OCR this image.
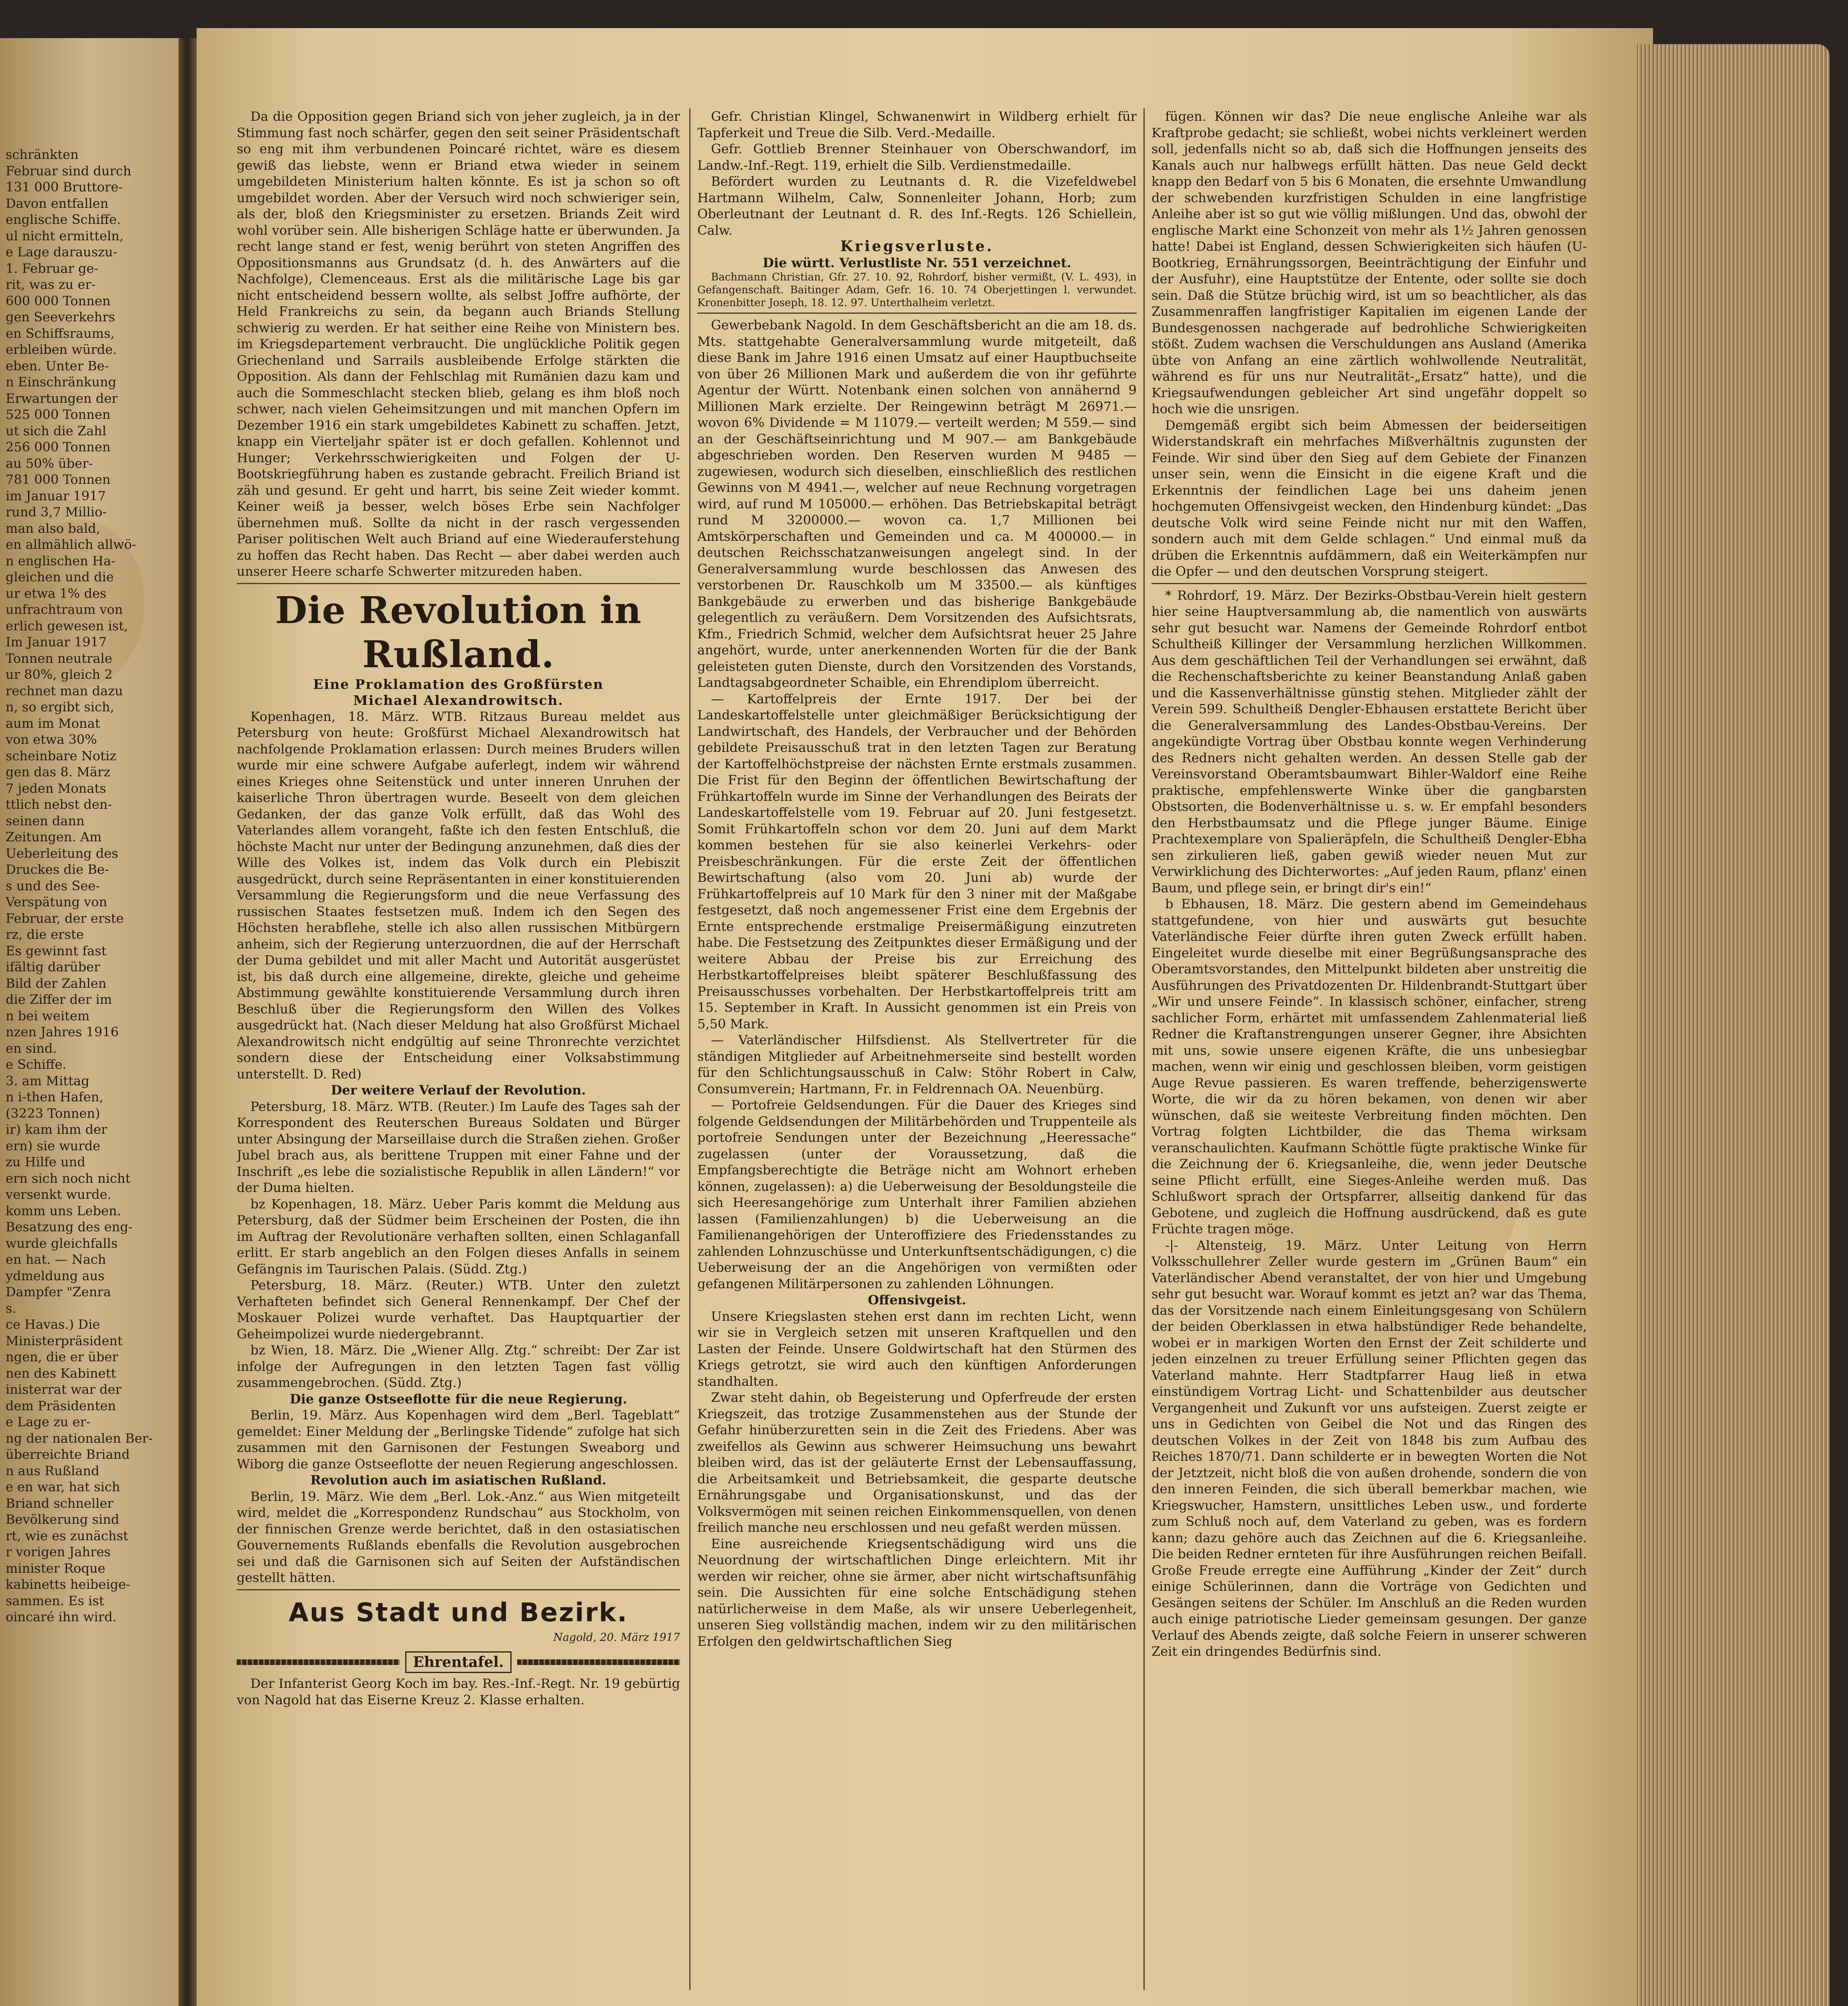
schränkten

Februar sind durch

131 000 Bruttore-

Davon entfallen

englische Schiffe.

ul nicht ermitteln,

e Lage darauszu-

1. Februar ge-

rit, was zu er-

600 000 Tonnen

gen Seeverkehrs

en Schiffsraums,

erbleiben würde.

eben. Unter Be-

n Einschränkung

Erwartungen der

525 000 Tonnen

ut sich die Zahl

256 000 Tonnen

au 50% über-

781 000 Tonnen

im Januar 1917

rund 3,7 Millio-

man also bald,

en allmählich allwö-

n englischen Ha-

gleichen und die

ur etwa 1% des

unfrachtraum von

erlich gewesen ist,

Im Januar 1917

Tonnen neutrale

ur 80%, gleich 2

rechnet man dazu

n, so ergibt sich,

aum im Monat

von etwa 30%

scheinbare Notiz

gen das 8. März

7 jeden Monats

ttlich nebst den-

seinen dann

Zeitungen. Am

Ueberleitung des

Druckes die Be-

s und des See-

Verspätung von

Februar, der erste

rz, die erste

Es gewinnt fast

ifältig darüber

Bild der Zahlen

die Ziffer der im

n bei weitem

nzen Jahres 1916

en sind.

e Schiffe.

3. am Mittag

n i-then Hafen,

(3223 Tonnen)

ir) kam ihm der

ern) sie wurde

zu Hilfe und

ern sich noch nicht

versenkt wurde.

komm uns Leben.

Besatzung des eng-

wurde gleichfalls

en hat. — Nach

ydmeldung aus

Dampfer "Zenra

s.

ce Havas.) Die

Ministerpräsident

ngen, die er über

nen des Kabinett

inisterrat war der

dem Präsidenten

e Lage zu er-

ng der nationalen Ber-

überreichte Briand

n aus Rußland

e en war, hat sich

Briand schneller

Bevölkerung sind

rt, wie es zunächst

r vorigen Jahres

minister Roque

kabinetts heibeige-

sammen. Es ist

oincaré ihn wird.

Da die Opposition gegen Briand sich von jeher zugleich, ja in der Stimmung fast noch schärfer, gegen den seit seiner Präsidentschaft so eng mit ihm verbundenen Poincaré richtet, wäre es diesem gewiß das liebste, wenn er Briand etwa wieder in seinem umgebildeten Ministerium halten könnte. Es ist ja schon so oft umgebildet worden. Aber der Versuch wird noch schwieriger sein, als der, bloß den Kriegsminister zu ersetzen. Briands Zeit wird wohl vorüber sein. Alle bisherigen Schläge hatte er überwunden. Ja recht lange stand er fest, wenig berührt von steten Angriffen des Oppositionsmanns aus Grundsatz (d. h. des Anwärters auf die Nachfolge), Clemenceaus. Erst als die militärische Lage bis gar nicht entscheidend bessern wollte, als selbst Joffre aufhörte, der Held Frankreichs zu sein, da begann auch Briands Stellung schwierig zu werden. Er hat seither eine Reihe von Ministern bes. im Kriegsdepartement verbraucht. Die unglückliche Politik gegen Griechenland und Sarrails ausbleibende Erfolge stärkten die Opposition. Als dann der Fehlschlag mit Rumänien dazu kam und auch die Sommeschlacht stecken blieb, gelang es ihm bloß noch schwer, nach vielen Geheimsitzungen und mit manchen Opfern im Dezember 1916 ein stark umgebildetes Kabinett zu schaffen. Jetzt, knapp ein Vierteljahr später ist er doch gefallen. Kohlennot und Hunger; Verkehrsschwierigkeiten und Folgen der U-Bootskriegführung haben es zustande gebracht. Freilich Briand ist zäh und gesund. Er geht und harrt, bis seine Zeit wieder kommt. Keiner weiß ja besser, welch böses Erbe sein Nachfolger übernehmen muß. Sollte da nicht in der rasch vergessenden Pariser politischen Welt auch Briand auf eine Wiederauferstehung zu hoffen das Recht haben. Das Recht — aber dabei werden auch unserer Heere scharfe Schwerter mitzureden haben.

Die Revolution in Rußland.
Eine Proklamation des Großfürsten
Michael Alexandrowitsch.

Kopenhagen, 18. März. WTB. Ritzaus Bureau meldet aus Petersburg von heute: Großfürst Michael Alexandrowitsch hat nachfolgende Proklamation erlassen: Durch meines Bruders willen wurde mir eine schwere Aufgabe auferlegt, indem wir während eines Krieges ohne Seitenstück und unter inneren Unruhen der kaiserliche Thron übertragen wurde. Beseelt von dem gleichen Gedanken, der das ganze Volk erfüllt, daß das Wohl des Vaterlandes allem vorangeht, faßte ich den festen Entschluß, die höchste Macht nur unter der Bedingung anzunehmen, daß dies der Wille des Volkes ist, indem das Volk durch ein Plebiszit ausgedrückt, durch seine Repräsentanten in einer konstituierenden Versammlung die Regierungsform und die neue Verfassung des russischen Staates festsetzen muß. Indem ich den Segen des Höchsten herabflehe, stelle ich also allen russischen Mitbürgern anheim, sich der Regierung unterzuordnen, die auf der Herrschaft der Duma gebildet und mit aller Macht und Autorität ausgerüstet ist, bis daß durch eine allgemeine, direkte, gleiche und geheime Abstimmung gewählte konstituierende Versammlung durch ihren Beschluß über die Regierungsform den Willen des Volkes ausgedrückt hat. (Nach dieser Meldung hat also Großfürst Michael Alexandrowitsch nicht endgültig auf seine Thronrechte verzichtet sondern diese der Entscheidung einer Volksabstimmung unterstellt. D. Red)

Der weitere Verlauf der Revolution.

Petersburg, 18. März. WTB. (Reuter.) Im Laufe des Tages sah der Korrespondent des Reuterschen Bureaus Soldaten und Bürger unter Absingung der Marseillaise durch die Straßen ziehen. Großer Jubel brach aus, als berittene Truppen mit einer Fahne und der Inschrift „es lebe die sozialistische Republik in allen Ländern!“ vor der Duma hielten.

bz Kopenhagen, 18. März. Ueber Paris kommt die Meldung aus Petersburg, daß der Südmer beim Erscheinen der Posten, die ihn im Auftrag der Revolutionäre verhaften sollten, einen Schlaganfall erlitt. Er starb angeblich an den Folgen dieses Anfalls in seinem Gefängnis im Taurischen Palais. (Südd. Ztg.)

Petersburg, 18. März. (Reuter.) WTB. Unter den zuletzt Verhafteten befindet sich General Rennenkampf. Der Chef der Moskauer Polizei wurde verhaftet. Das Hauptquartier der Geheimpolizei wurde niedergebrannt.

bz Wien, 18. März. Die „Wiener Allg. Ztg.“ schreibt: Der Zar ist infolge der Aufregungen in den letzten Tagen fast völlig zusammengebrochen. (Südd. Ztg.)

Die ganze Ostseeflotte für die neue Regierung.

Berlin, 19. März. Aus Kopenhagen wird dem „Berl. Tageblatt“ gemeldet: Einer Meldung der „Berlingske Tidende“ zufolge hat sich zusammen mit den Garnisonen der Festungen Sweaborg und Wiborg die ganze Ostseeflotte der neuen Regierung angeschlossen.

Revolution auch im asiatischen Rußland.

Berlin, 19. März. Wie dem „Berl. Lok.-Anz.“ aus Wien mitgeteilt wird, meldet die „Korrespondenz Rundschau“ aus Stockholm, von der finnischen Grenze werde berichtet, daß in den ostasiatischen Gouvernements Rußlands ebenfalls die Revolution ausgebrochen sei und daß die Garnisonen sich auf Seiten der Aufständischen gestellt hätten.

Aus Stadt und Bezirk.
Nagold, 20. März 1917
Ehrentafel.

Der Infanterist Georg Koch im bay. Res.-Inf.-Regt. Nr. 19 gebürtig von Nagold hat das Eiserne Kreuz 2. Klasse erhalten.

Gefr. Christian Klingel, Schwanenwirt in Wildberg erhielt für Tapferkeit und Treue die Silb. Verd.-Medaille.

Gefr. Gottlieb Brenner Steinhauer von Oberschwandorf, im Landw.-Inf.-Regt. 119, erhielt die Silb. Verdienstmedaille.

Befördert wurden zu Leutnants d. R. die Vizefeldwebel Hartmann Wilhelm, Calw, Sonnenleiter Johann, Horb; zum Oberleutnant der Leutnant d. R. des Inf.-Regts. 126 Schiellein, Calw.

Kriegsverluste.
Die württ. Verlustliste Nr. 551 verzeichnet.

Bachmann Christian, Gfr. 27. 10. 92, Rohrdorf, bisher vermißt, (V. L. 493), in Gefangenschaft. Baitinger Adam, Gefr. 16. 10. 74 Oberjettingen l. verwundet. Kronenbitter Joseph, 18. 12. 97. Unterthalheim verletzt.

Gewerbebank Nagold. In dem Geschäftsbericht an die am 18. ds. Mts. stattgehabte Generalversammlung wurde mitgeteilt, daß diese Bank im Jahre 1916 einen Umsatz auf einer Hauptbuchseite von über 26 Millionen Mark und außerdem die von ihr geführte Agentur der Württ. Notenbank einen solchen von annähernd 9 Millionen Mark erzielte. Der Reingewinn beträgt M 26971.— wovon 6% Dividende = M 11079.— verteilt werden; M 559.— sind an der Geschäftseinrichtung und M 907.— am Bankgebäude abgeschrieben worden. Den Reserven wurden M 9485 — zugewiesen, wodurch sich dieselben, einschließlich des restlichen Gewinns von M 4941.—, welcher auf neue Rechnung vorgetragen wird, auf rund M 105000.— erhöhen. Das Betriebskapital beträgt rund M 3200000.— wovon ca. 1,7 Millionen bei Amtskörperschaften und Gemeinden und ca. M 400000.— in deutschen Reichsschatzanweisungen angelegt sind. In der Generalversammlung wurde beschlossen das Anwesen des verstorbenen Dr. Rauschkolb um M 33500.— als künftiges Bankgebäude zu erwerben und das bisherige Bankgebäude gelegentlich zu veräußern. Dem Vorsitzenden des Aufsichtsrats, Kfm., Friedrich Schmid, welcher dem Aufsichtsrat heuer 25 Jahre angehört, wurde, unter anerkennenden Worten für die der Bank geleisteten guten Dienste, durch den Vorsitzenden des Vorstands, Landtagsabgeordneter Schaible, ein Ehrendiplom überreicht.

— Kartoffelpreis der Ernte 1917. Der bei der Landeskartoffelstelle unter gleichmäßiger Berücksichtigung der Landwirtschaft, des Handels, der Verbraucher und der Behörden gebildete Preisausschuß trat in den letzten Tagen zur Beratung der Kartoffelhöchstpreise der nächsten Ernte erstmals zusammen. Die Frist für den Beginn der öffentlichen Bewirtschaftung der Frühkartoffeln wurde im Sinne der Verhandlungen des Beirats der Landeskartoffelstelle vom 19. Februar auf 20. Juni festgesetzt. Somit Frühkartoffeln schon vor dem 20. Juni auf dem Markt kommen bestehen für sie also keinerlei Verkehrs- oder Preisbeschränkungen. Für die erste Zeit der öffentlichen Bewirtschaftung (also vom 20. Juni ab) wurde der Frühkartoffelpreis auf 10 Mark für den 3 niner mit der Maßgabe festgesetzt, daß noch angemessener Frist eine dem Ergebnis der Ernte entsprechende erstmalige Preisermäßigung einzutreten habe. Die Festsetzung des Zeitpunktes dieser Ermäßigung und der weitere Abbau der Preise bis zur Erreichung des Herbstkartoffelpreises bleibt späterer Beschlußfassung des Preisausschusses vorbehalten. Der Herbstkartoffelpreis tritt am 15. September in Kraft. In Aussicht genommen ist ein Preis von 5,50 Mark.

— Vaterländischer Hilfsdienst. Als Stellvertreter für die ständigen Mitglieder auf Arbeitnehmerseite sind bestellt worden für den Schlichtungsausschuß in Calw: Stöhr Robert in Calw, Consumverein; Hartmann, Fr. in Feldrennach OA. Neuenbürg.

— Portofreie Geldsendungen. Für die Dauer des Krieges sind folgende Geldsendungen der Militärbehörden und Truppenteile als portofreie Sendungen unter der Bezeichnung „Heeressache“ zugelassen (unter der Voraussetzung, daß die Empfangsberechtigte die Beträge nicht am Wohnort erheben können, zugelassen): a) die Ueberweisung der Besoldungsteile die sich Heeresangehörige zum Unterhalt ihrer Familien abziehen lassen (Familienzahlungen) b) die Ueberweisung an die Familienangehörigen der Unteroffiziere des Friedensstandes zu zahlenden Lohnzuschüsse und Unterkunftsentschädigungen, c) die Ueberweisung der an die Angehörigen von vermißten oder gefangenen Militärpersonen zu zahlenden Löhnungen.

Offensivgeist.

Unsere Kriegslasten stehen erst dann im rechten Licht, wenn wir sie in Vergleich setzen mit unseren Kraftquellen und den Lasten der Feinde. Unsere Goldwirtschaft hat den Stürmen des Kriegs getrotzt, sie wird auch den künftigen Anforderungen standhalten.

Zwar steht dahin, ob Begeisterung und Opferfreude der ersten Kriegszeit, das trotzige Zusammenstehen aus der Stunde der Gefahr hinüberzuretten sein in die Zeit des Friedens. Aber was zweifellos als Gewinn aus schwerer Heimsuchung uns bewahrt bleiben wird, das ist der geläuterte Ernst der Lebensauffassung, die Arbeitsamkeit und Betriebsamkeit, die gesparte deutsche Ernährungsgabe und Organisationskunst, und das der Volksvermögen mit seinen reichen Einkommensquellen, von denen freilich manche neu erschlossen und neu gefaßt werden müssen.

Eine ausreichende Kriegsentschädigung wird uns die Neuordnung der wirtschaftlichen Dinge erleichtern. Mit ihr werden wir reicher, ohne sie ärmer, aber nicht wirtschaftsunfähig sein. Die Aussichten für eine solche Entschädigung stehen natürlicherweise in dem Maße, als wir unsere Ueberlegenheit, unseren Sieg vollständig machen, indem wir zu den militärischen Erfolgen den geldwirtschaftlichen Sieg

fügen. Können wir das? Die neue englische Anleihe war als Kraftprobe gedacht; sie schließt, wobei nichts verkleinert werden soll, jedenfalls nicht so ab, daß sich die Hoffnungen jenseits des Kanals auch nur halbwegs erfüllt hätten. Das neue Geld deckt knapp den Bedarf von 5 bis 6 Monaten, die ersehnte Umwandlung der schwebenden kurzfristigen Schulden in eine langfristige Anleihe aber ist so gut wie völlig mißlungen. Und das, obwohl der englische Markt eine Schonzeit von mehr als 1½ Jahren genossen hatte! Dabei ist England, dessen Schwierigkeiten sich häufen (U-Bootkrieg, Ernährungssorgen, Beeinträchtigung der Einfuhr und der Ausfuhr), eine Hauptstütze der Entente, oder sollte sie doch sein. Daß die Stütze brüchig wird, ist um so beachtlicher, als das Zusammenraffen langfristiger Kapitalien im eigenen Lande der Bundesgenossen nachgerade auf bedrohliche Schwierigkeiten stößt. Zudem wachsen die Verschuldungen ans Ausland (Amerika übte von Anfang an eine zärtlich wohlwollende Neutralität, während es für uns nur Neutralität-„Ersatz“ hatte), und die Kriegsaufwendungen gebleicher Art sind ungefähr doppelt so hoch wie die unsrigen.

Demgemäß ergibt sich beim Abmessen der beiderseitigen Widerstandskraft ein mehrfaches Mißverhältnis zugunsten der Feinde. Wir sind über den Sieg auf dem Gebiete der Finanzen unser sein, wenn die Einsicht in die eigene Kraft und die Erkenntnis der feindlichen Lage bei uns daheim jenen hochgemuten Offensivgeist wecken, den Hindenburg kündet: „Das deutsche Volk wird seine Feinde nicht nur mit den Waffen, sondern auch mit dem Gelde schlagen.“ Und einmal muß da drüben die Erkenntnis aufdämmern, daß ein Weiterkämpfen nur die Opfer — und den deutschen Vorsprung steigert.

* Rohrdorf, 19. März. Der Bezirks-Obstbau-Verein hielt gestern hier seine Hauptversammlung ab, die namentlich von auswärts sehr gut besucht war. Namens der Gemeinde Rohrdorf entbot Schultheiß Killinger der Versammlung herzlichen Willkommen. Aus dem geschäftlichen Teil der Verhandlungen sei erwähnt, daß die Rechenschaftsberichte zu keiner Beanstandung Anlaß gaben und die Kassenverhältnisse günstig stehen. Mitglieder zählt der Verein 599. Schultheiß Dengler-Ebhausen erstattete Bericht über die Generalversammlung des Landes-Obstbau-Vereins. Der angekündigte Vortrag über Obstbau konnte wegen Verhinderung des Redners nicht gehalten werden. An dessen Stelle gab der Vereinsvorstand Oberamtsbaumwart Bihler-Waldorf eine Reihe praktische, empfehlenswerte Winke über die gangbarsten Obstsorten, die Bodenverhältnisse u. s. w. Er empfahl besonders den Herbstbaumsatz und die Pflege junger Bäume. Einige Prachtexemplare von Spalieräpfeln, die Schultheiß Dengler-Ebha sen zirkulieren ließ, gaben gewiß wieder neuen Mut zur Verwirklichung des Dichterwortes: „Auf jeden Raum, pflanz' einen Baum, und pflege sein, er bringt dir's ein!“

b Ebhausen, 18. März. Die gestern abend im Gemeindehaus stattgefundene, von hier und auswärts gut besuchte Vaterländische Feier dürfte ihren guten Zweck erfüllt haben. Eingeleitet wurde dieselbe mit einer Begrüßungsansprache des Oberamtsvorstandes, den Mittelpunkt bildeten aber unstreitig die Ausführungen des Privatdozenten Dr. Hildenbrandt-Stuttgart über „Wir und unsere Feinde“. In klassisch schöner, einfacher, streng sachlicher Form, erhärtet mit umfassendem Zahlenmaterial ließ Redner die Kraftanstrengungen unserer Gegner, ihre Absichten mit uns, sowie unsere eigenen Kräfte, die uns unbesiegbar machen, wenn wir einig und geschlossen bleiben, vorm geistigen Auge Revue passieren. Es waren treffende, beherzigenswerte Worte, die wir da zu hören bekamen, von denen wir aber wünschen, daß sie weiteste Verbreitung finden möchten. Den Vortrag folgten Lichtbilder, die das Thema wirksam veranschaulichten. Kaufmann Schöttle fügte praktische Winke für die Zeichnung der 6. Kriegsanleihe, die, wenn jeder Deutsche seine Pflicht erfüllt, eine Sieges-Anleihe werden muß. Das Schlußwort sprach der Ortspfarrer, allseitig dankend für das Gebotene, und zugleich die Hoffnung ausdrückend, daß es gute Früchte tragen möge.

-|- Altensteig, 19. März. Unter Leitung von Herrn Volksschullehrer Zeller wurde gestern im „Grünen Baum“ ein Vaterländischer Abend veranstaltet, der von hier und Umgebung sehr gut besucht war. Worauf kommt es jetzt an? war das Thema, das der Vorsitzende nach einem Einleitungsgesang von Schülern der beiden Oberklassen in etwa halbstündiger Rede behandelte, wobei er in markigen Worten den Ernst der Zeit schilderte und jeden einzelnen zu treuer Erfüllung seiner Pflichten gegen das Vaterland mahnte. Herr Stadtpfarrer Haug ließ in etwa einstündigem Vortrag Licht- und Schattenbilder aus deutscher Vergangenheit und Zukunft vor uns aufsteigen. Zuerst zeigte er uns in Gedichten von Geibel die Not und das Ringen des deutschen Volkes in der Zeit von 1848 bis zum Aufbau des Reiches 1870/71. Dann schilderte er in bewegten Worten die Not der Jetztzeit, nicht bloß die von außen drohende, sondern die von den inneren Feinden, die sich überall bemerkbar machen, wie Kriegswucher, Hamstern, unsittliches Leben usw., und forderte zum Schluß noch auf, dem Vaterland zu geben, was es fordern kann; dazu gehöre auch das Zeichnen auf die 6. Kriegsanleihe. Die beiden Redner ernteten für ihre Ausführungen reichen Beifall. Große Freude erregte eine Aufführung „Kinder der Zeit“ durch einige Schülerinnen, dann die Vorträge von Gedichten und Gesängen seitens der Schüler. Im Anschluß an die Reden wurden auch einige patriotische Lieder gemeinsam gesungen. Der ganze Verlauf des Abends zeigte, daß solche Feiern in unserer schweren Zeit ein dringendes Bedürfnis sind.
